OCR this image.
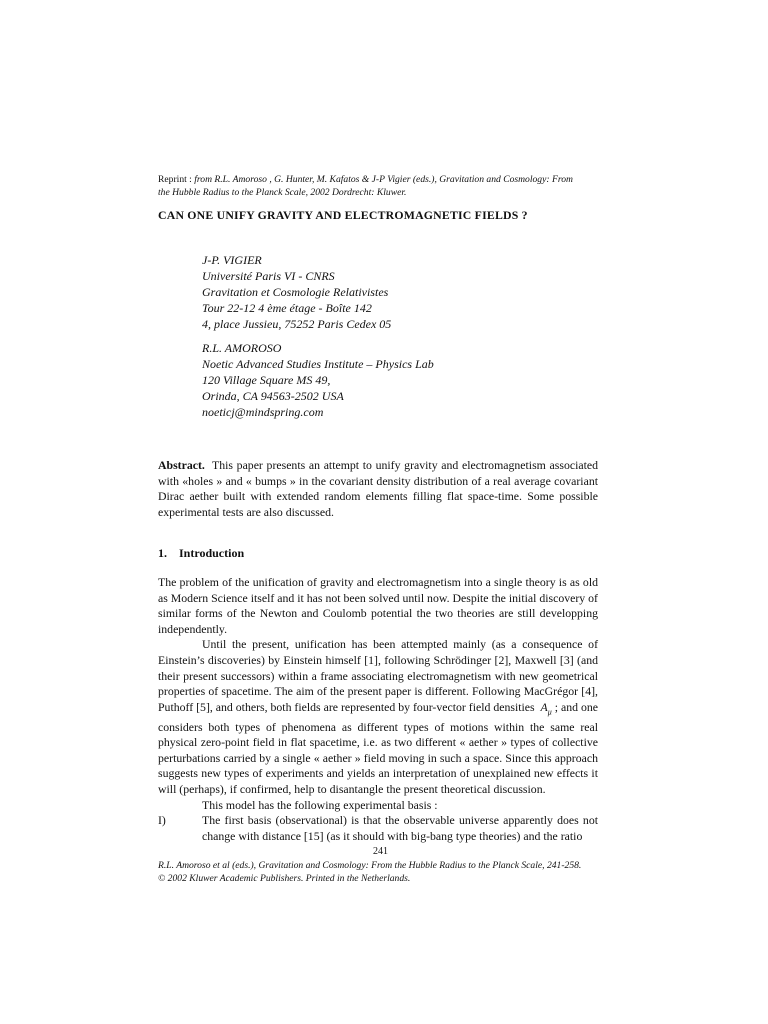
Reprint : from R.L. Amoroso , G. Hunter, M. Kafatos & J-P Vigier (eds.), Gravitation and Cosmology: From
the Hubble Radius to the Planck Scale, 2002 Dordrecht: Kluwer.
CAN ONE UNIFY GRAVITY AND ELECTROMAGNETIC FIELDS ?
J-P. VIGIER
Université Paris VI - CNRS
Gravitation et Cosmologie Relativistes
Tour 22-12 4 ème étage - Boîte 142
4, place Jussieu, 75252 Paris Cedex 05
R.L. AMOROSO
Noetic Advanced Studies Institute – Physics Lab
120 Village Square MS 49,
Orinda, CA 94563-2502 USA
noeticj@mindspring.com
Abstract. This paper presents an attempt to unify gravity and electromagnetism associated with «holes » and « bumps » in the covariant density distribution of a real average covariant Dirac aether built with extended random elements filling flat space-time. Some possible experimental tests are also discussed.
1. Introduction

The problem of the unification of gravity and electromagnetism into a single theory is as old as Modern Science itself and it has not been solved until now. Despite the initial discovery of similar forms of the Newton and Coulomb potential the two theories are still developping independently.

Until the present, unification has been attempted mainly (as a consequence of Einstein’s discoveries) by Einstein himself [1], following Schrödinger [2], Maxwell [3] (and their present successors) within a frame associating electromagnetism with new geometrical properties of spacetime. The aim of the present paper is different. Following MacGrégor [4], Puthoff [5], and others, both fields are represented by four-vector field densities $A_\mu$ ; and one considers both types of phenomena as different types of motions within the same real physical zero-point field in flat spacetime, i.e. as two different « aether » types of collective perturbations carried by a single « aether » field moving in such a space. Since this approach suggests new types of experiments and yields an interpretation of unexplained new effects it will (perhaps), if confirmed, help to disantangle the present theoretical discussion.

This model has the following experimental basis :

I)	The first basis (observational) is that the observable universe apparently does not change with distance [15] (as it should with big-bang type theories) and the ratio
241
R.L. Amoroso et al (eds.), Gravitation and Cosmology: From the Hubble Radius to the Planck Scale, 241-258.
© 2002 Kluwer Academic Publishers. Printed in the Netherlands.
